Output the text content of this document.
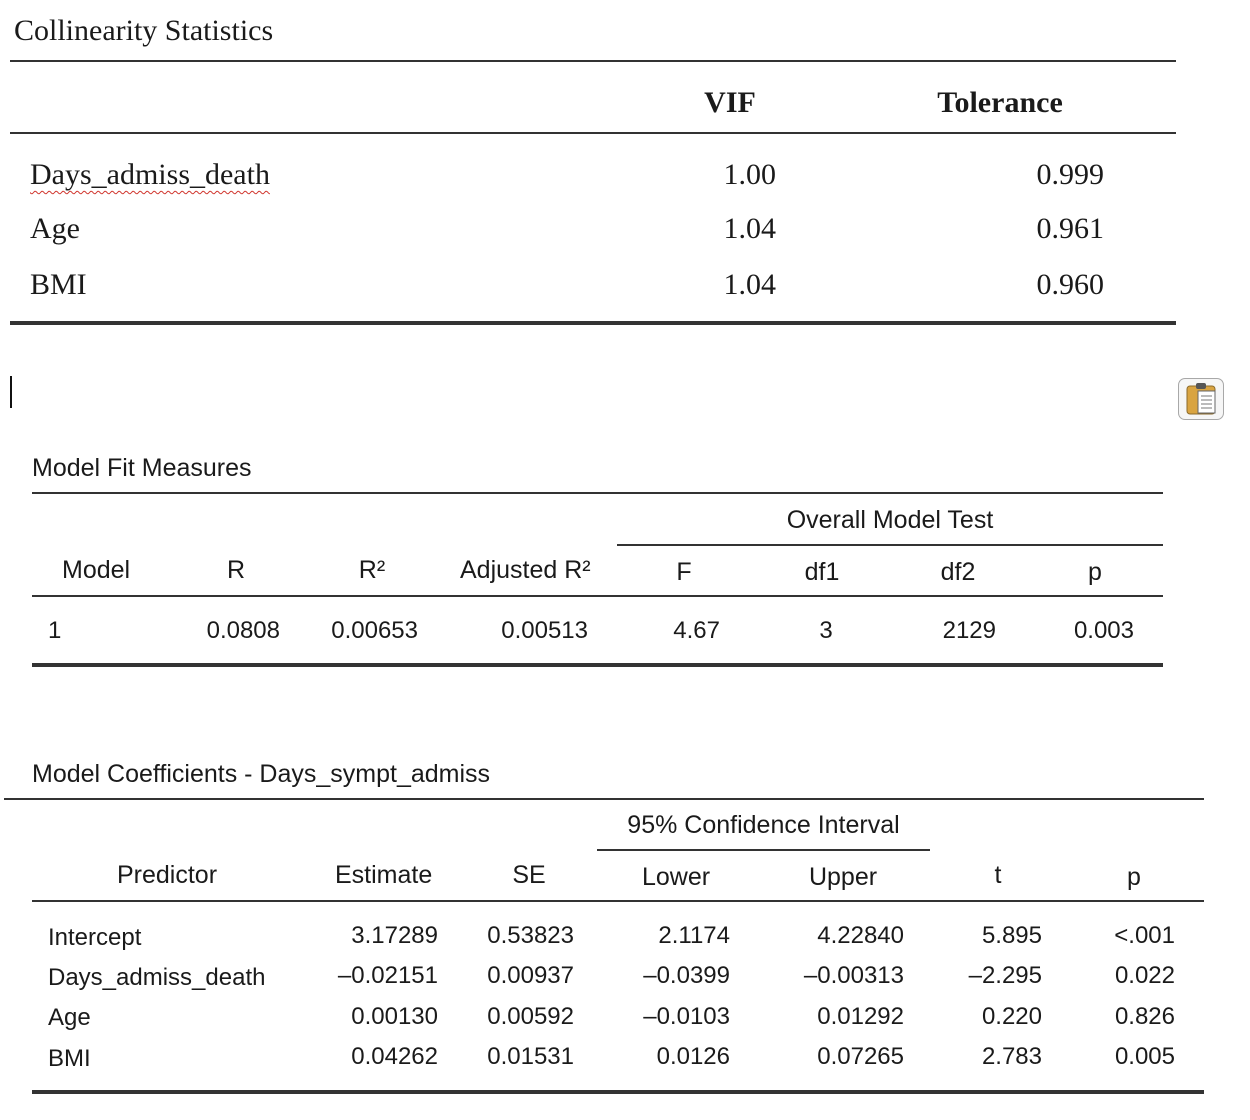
Collinearity Statistics
VIF	Tolerance
Days_admiss_death	1.00	0.999
Age	1.04	0.961
BMI	1.04	0.960
Model Fit Measures
Overall Model Test
Model	R	R²	Adjusted R²	F	df1	df2	p
1	0.0808	0.00653	0.00513	4.67	3	2129	0.003
Model Coefficients - Days_sympt_admiss
95% Confidence Interval
Predictor	Estimate	SE	Lower	Upper	t	p
Intercept	3.17289	0.53823	2.1174	4.22840	5.895	<.001
Days_admiss_death	–0.02151	0.00937	–0.0399	–0.00313	–2.295	0.022
Age	0.00130	0.00592	–0.0103	0.01292	0.220	0.826
BMI	0.04262	0.01531	0.0126	0.07265	2.783	0.005
